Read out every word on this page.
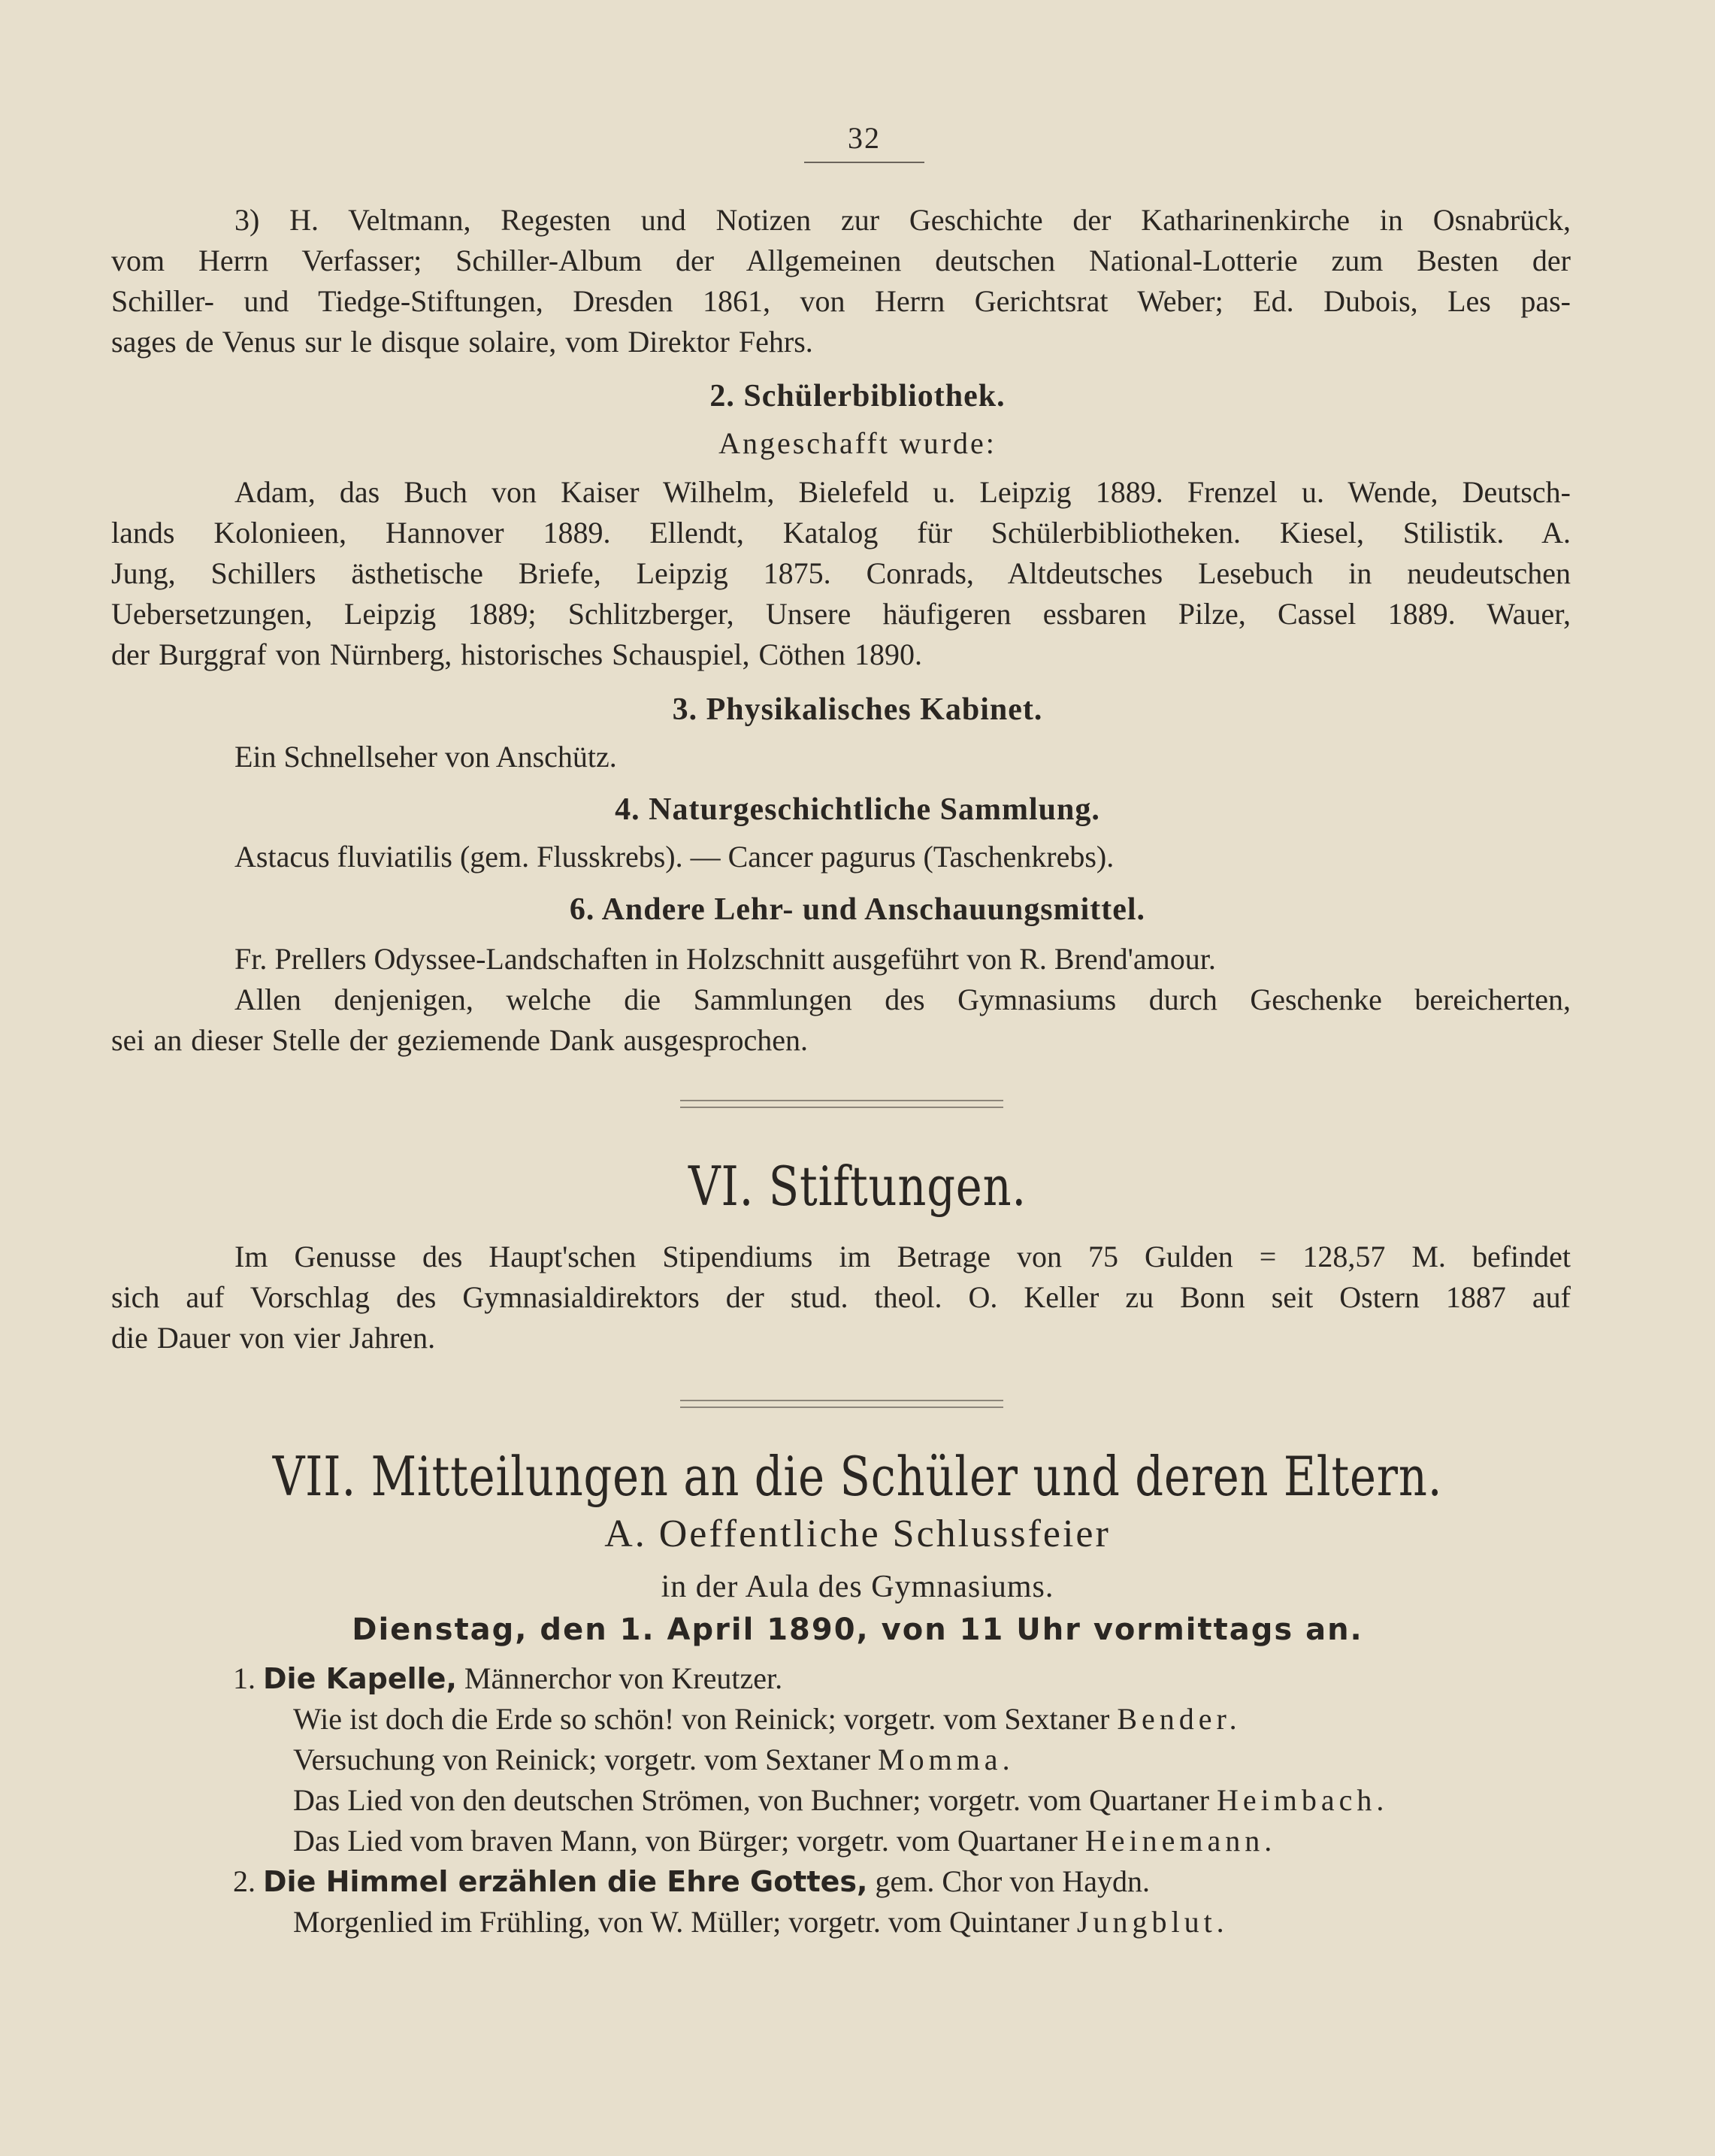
32

3) H. Veltmann, Regesten und Notizen zur Geschichte der Katharinenkirche in Osnabrück,

vom Herrn Verfasser; Schiller-Album der Allgemeinen deutschen National-Lotterie zum Besten der

Schiller- und Tiedge-Stiftungen, Dresden 1861, von Herrn Gerichtsrat Weber; Ed. Dubois, Les pas-

sages de Venus sur le disque solaire, vom Direktor Fehrs.

2. Schülerbibliothek.

Angeschafft wurde:

Adam, das Buch von Kaiser Wilhelm, Bielefeld u. Leipzig 1889. Frenzel u. Wende, Deutsch-

lands Kolonieen, Hannover 1889. Ellendt, Katalog für Schülerbibliotheken. Kiesel, Stilistik. A.

Jung, Schillers ästhetische Briefe, Leipzig 1875. Conrads, Altdeutsches Lesebuch in neudeutschen

Uebersetzungen, Leipzig 1889; Schlitzberger, Unsere häufigeren essbaren Pilze, Cassel 1889. Wauer,

der Burggraf von Nürnberg, historisches Schauspiel, Cöthen 1890.

3. Physikalisches Kabinet.

Ein Schnellseher von Anschütz.

4. Naturgeschichtliche Sammlung.

Astacus fluviatilis (gem. Flusskrebs). — Cancer pagurus (Taschenkrebs).

6. Andere Lehr- und Anschauungsmittel.

Fr. Prellers Odyssee-Landschaften in Holzschnitt ausgeführt von R. Brend'amour.

Allen denjenigen, welche die Sammlungen des Gymnasiums durch Geschenke bereicherten,

sei an dieser Stelle der geziemende Dank ausgesprochen.

VI. Stiftungen.

Im Genusse des Haupt'schen Stipendiums im Betrage von 75 Gulden = 128,57 M. befindet

sich auf Vorschlag des Gymnasialdirektors der stud. theol. O. Keller zu Bonn seit Ostern 1887 auf

die Dauer von vier Jahren.

VII. Mitteilungen an die Schüler und deren Eltern.

A. Oeffentliche Schlussfeier

in der Aula des Gymnasiums.

Dienstag, den 1. April 1890, von 11 Uhr vormittags an.

1. Die Kapelle, Männerchor von Kreutzer.

Wie ist doch die Erde so schön! von Reinick; vorgetr. vom Sextaner Bender.

Versuchung von Reinick; vorgetr. vom Sextaner Momma.

Das Lied von den deutschen Strömen, von Buchner; vorgetr. vom Quartaner Heimbach.

Das Lied vom braven Mann, von Bürger; vorgetr. vom Quartaner Heinemann.

2. Die Himmel erzählen die Ehre Gottes, gem. Chor von Haydn.

Morgenlied im Frühling, von W. Müller; vorgetr. vom Quintaner Jungblut.
